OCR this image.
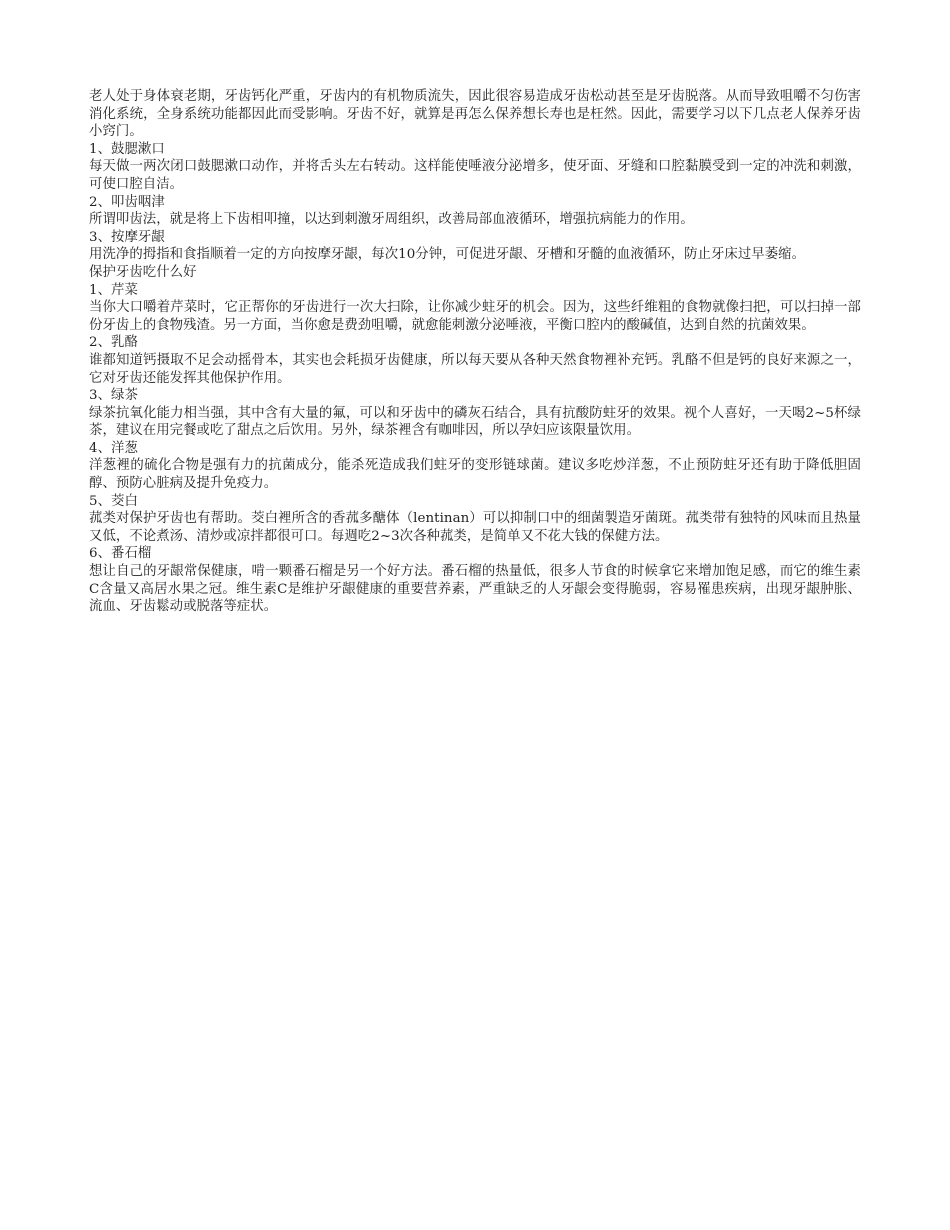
老人处于身体衰老期，牙齿钙化严重，牙齿内的有机物质流失，因此很容易造成牙齿松动甚至是牙齿脱落。从而导致咀嚼不匀伤害消化系统，全身系统功能都因此而受影响。牙齿不好，就算是再怎么保养想长寿也是枉然。因此，需要学习以下几点老人保养牙齿小窍门。

1、鼓腮漱口

每天做一两次闭口鼓腮漱口动作，并将舌头左右转动。这样能使唾液分泌增多，使牙面、牙缝和口腔黏膜受到一定的冲洗和刺激，可使口腔自洁。

2、叩齿咽津

所谓叩齿法，就是将上下齿相叩撞，以达到刺激牙周组织，改善局部血液循环，增强抗病能力的作用。

3、按摩牙龈

用洗净的拇指和食指顺着一定的方向按摩牙龈，每次10分钟，可促进牙龈、牙槽和牙髓的血液循环，防止牙床过早萎缩。

保护牙齿吃什么好

1、芹菜

当你大口嚼着芹菜时，它正帮你的牙齿进行一次大扫除，让你减少蛀牙的机会。因为，这些纤维粗的食物就像扫把，可以扫掉一部份牙齿上的食物残渣。另一方面，当你愈是费劲咀嚼，就愈能刺激分泌唾液，平衡口腔内的酸碱值，达到自然的抗菌效果。

2、乳酪

谁都知道钙摄取不足会动摇骨本，其实也会耗损牙齿健康，所以每天要从各种天然食物裡补充钙。乳酪不但是钙的良好来源之一，它对牙齿还能发挥其他保护作用。

3、绿茶

绿茶抗氧化能力相当强，其中含有大量的氟，可以和牙齿中的磷灰石结合，具有抗酸防蛀牙的效果。视个人喜好，一天喝2~5杯绿茶，建议在用完餐或吃了甜点之后饮用。另外，绿茶裡含有咖啡因，所以孕妇应该限量饮用。

4、洋葱

洋葱裡的硫化合物是强有力的抗菌成分，能杀死造成我们蛀牙的变形链球菌。建议多吃炒洋葱，不止预防蛀牙还有助于降低胆固醇、预防心脏病及提升免疫力。

5、茭白

菰类对保护牙齿也有帮助。茭白裡所含的香菰多醣体（lentinan）可以抑制口中的细菌製造牙菌斑。菰类带有独特的风味而且热量又低，不论煮汤、清炒或凉拌都很可口。每週吃2~3次各种菰类，是简单又不花大钱的保健方法。

6、番石榴

想让自己的牙龈常保健康，啃一颗番石榴是另一个好方法。番石榴的热量低，很多人节食的时候拿它来增加饱足感，而它的维生素C含量又高居水果之冠。维生素C是维护牙龈健康的重要营养素，严重缺乏的人牙龈会变得脆弱，容易罹患疾病，出现牙龈肿胀、流血、牙齿鬆动或脱落等症状。
